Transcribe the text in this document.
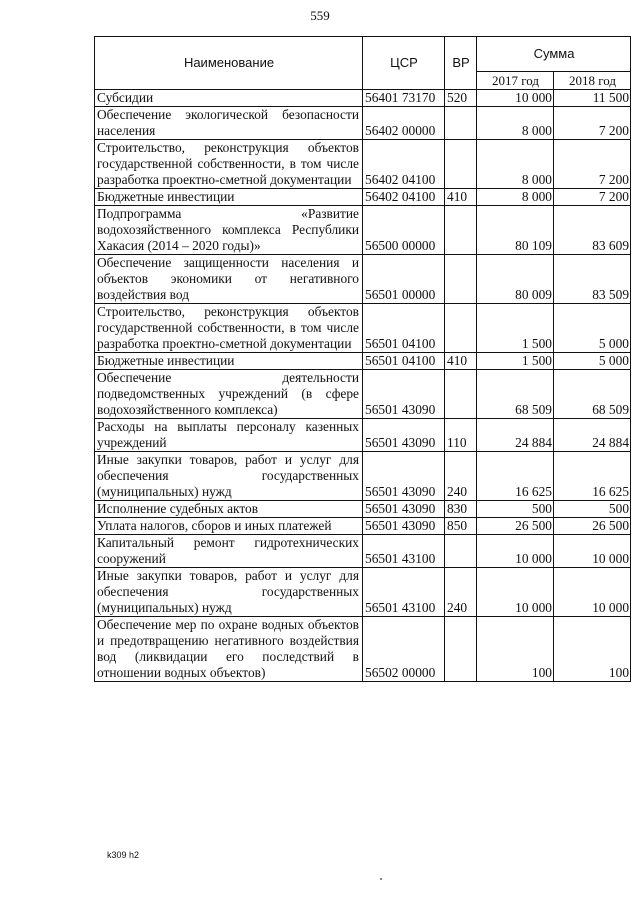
559
Наименование	ЦСР	ВР	Сумма	
			2017 год	2018 год
Субсидии	56401 73170	520	10 000	11 500
Обеспечение экологической безопасности населения	56402 00000		8 000	7 200
Строительство, реконструкция объектов государственной собственности, в том числе разработка проектно-сметной документации	56402 04100		8 000	7 200
Бюджетные инвестиции	56402 04100	410	8 000	7 200
Подпрограмма «Развитие водохозяйственного комплекса Республики Хакасия (2014 – 2020 годы)»	56500 00000		80 109	83 609
Обеспечение защищенности населения и объектов экономики от негативного воздействия вод	56501 00000		80 009	83 509
Строительство, реконструкция объектов государственной собственности, в том числе разработка проектно-сметной документации	56501 04100		1 500	5 000
Бюджетные инвестиции	56501 04100	410	1 500	5 000
Обеспечение деятельности подведомственных учреждений (в сфере водохозяйственного комплекса)	56501 43090		68 509	68 509
Расходы на выплаты персоналу казенных учреждений	56501 43090	110	24 884	24 884
Иные закупки товаров, работ и услуг для обеспечения государственных (муниципальных) нужд	56501 43090	240	16 625	16 625
Исполнение судебных актов	56501 43090	830	500	500
Уплата налогов, сборов и иных платежей	56501 43090	850	26 500	26 500
Капитальный ремонт гидротехнических сооружений	56501 43100		10 000	10 000
Иные закупки товаров, работ и услуг для обеспечения государственных (муниципальных) нужд	56501 43100	240	10 000	10 000
Обеспечение мер по охране водных объектов и предотвращению негативного воздействия вод (ликвидации его последствий в отношении водных объектов)	56502 00000		100	100
k309 h2
